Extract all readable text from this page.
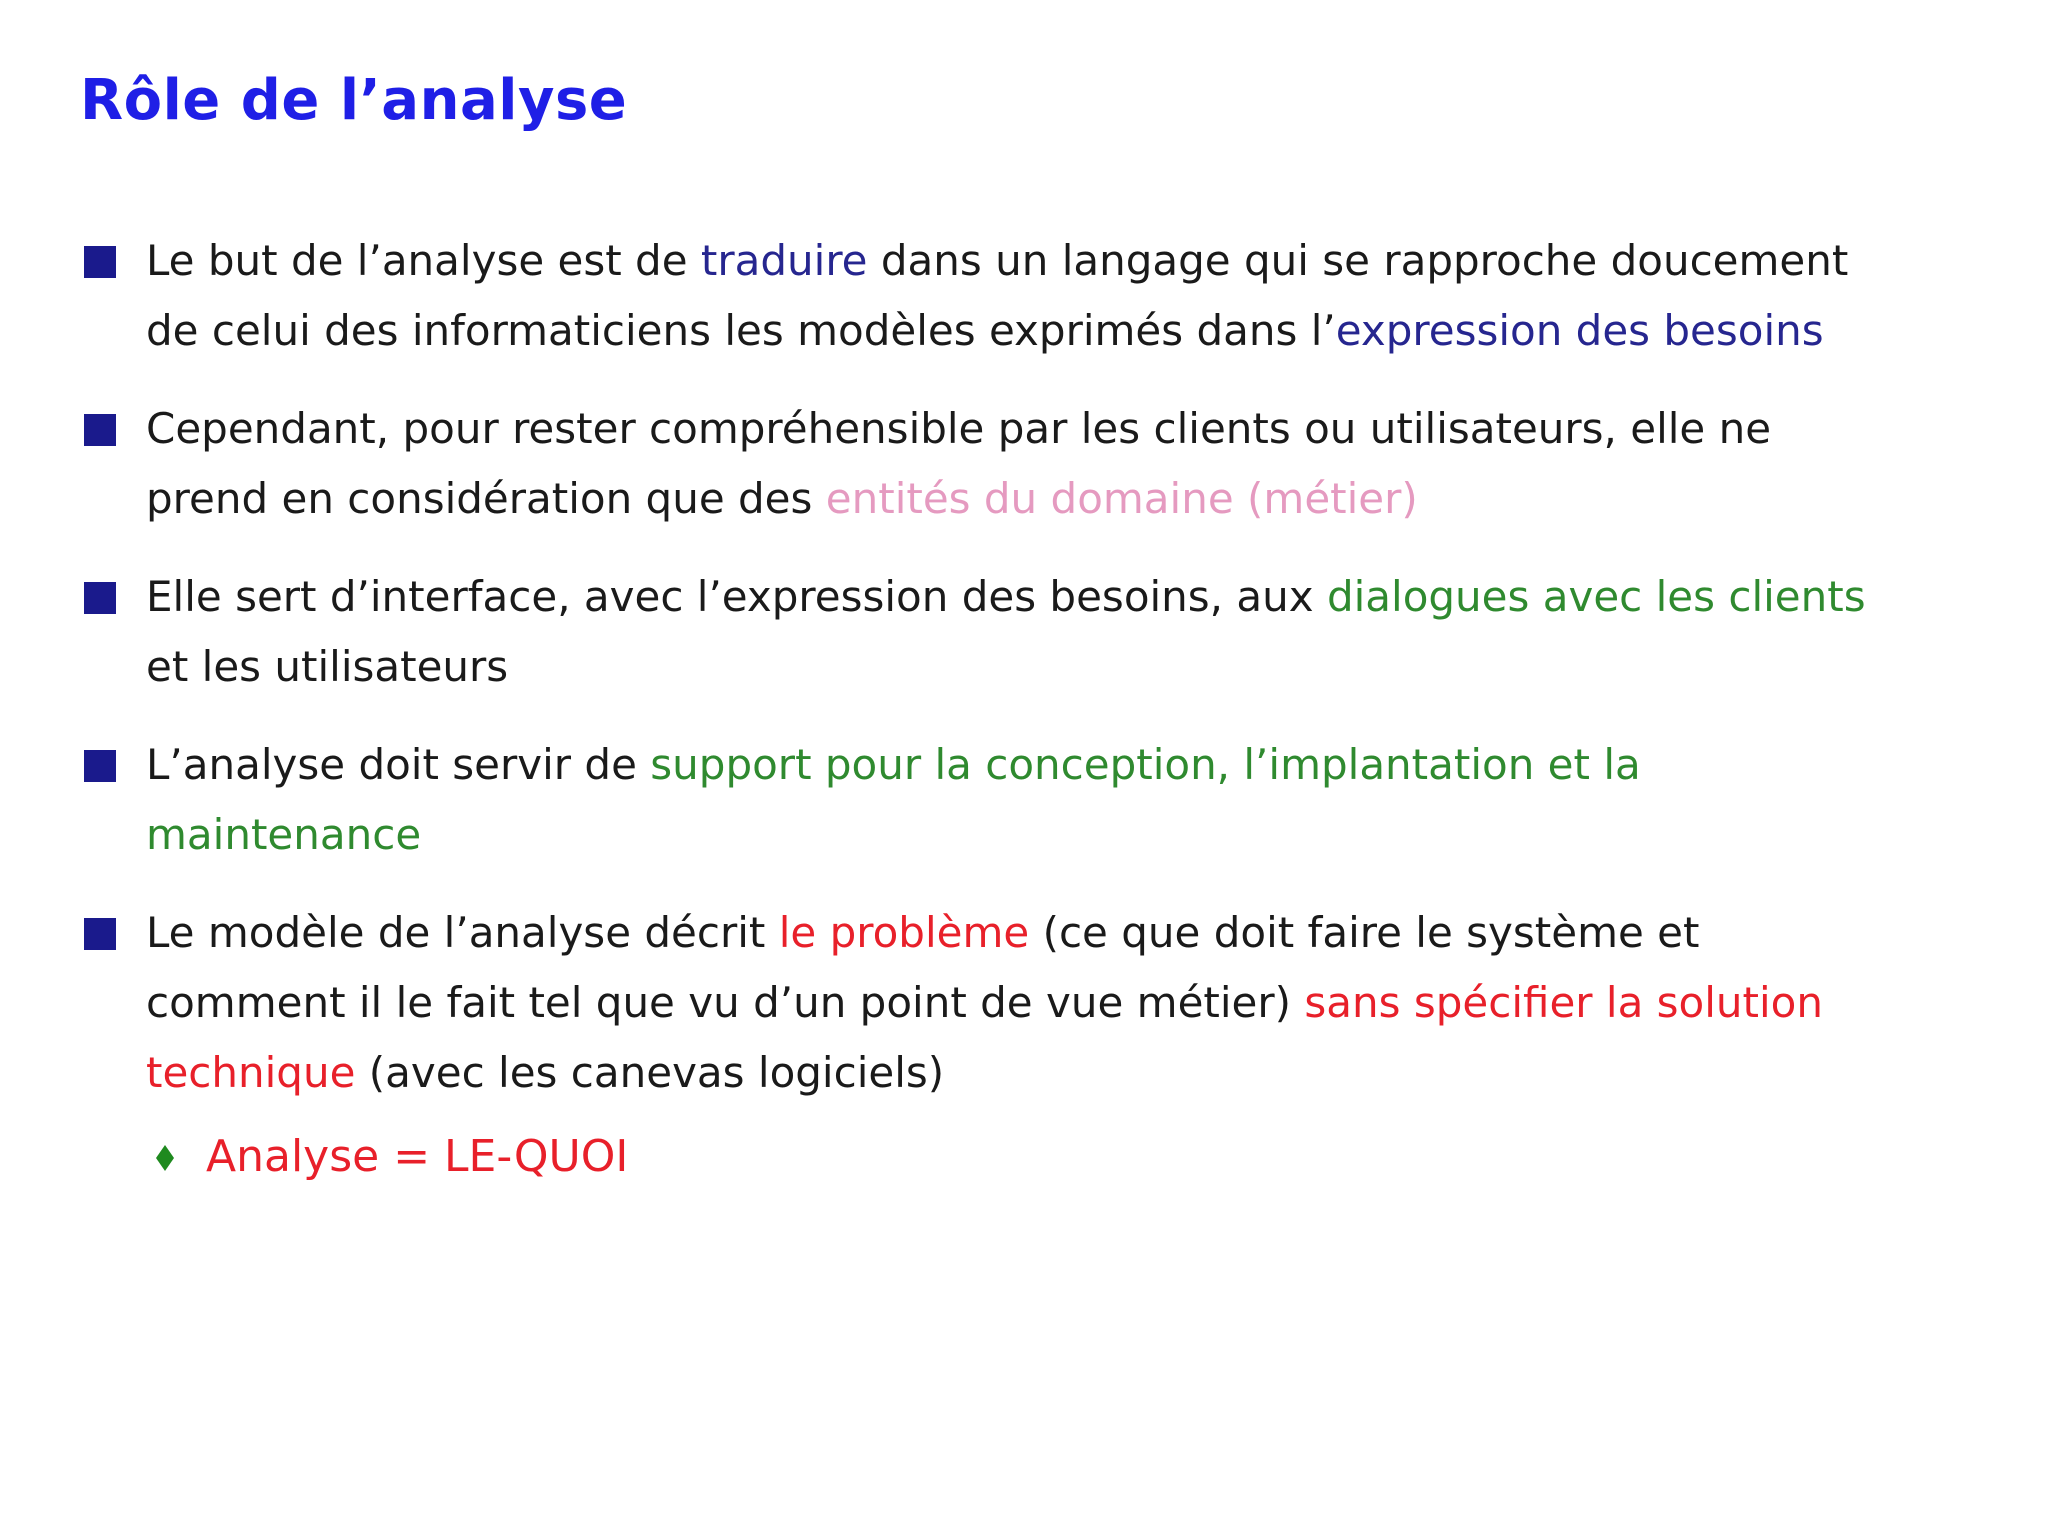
Rôle de l’analyse
Le but de l’analyse est de traduire dans un langage qui se rapproche doucement de celui des informaticiens les modèles exprimés dans l’expression des besoins
Cependant, pour rester compréhensible par les clients ou utilisateurs, elle ne prend en considération que des entités du domaine (métier)
Elle sert d’interface, avec l’expression des besoins, aux dialogues avec les clients et les utilisateurs
L’analyse doit servir de support pour la conception, l’implantation et la maintenance
Le modèle de l’analyse décrit le problème (ce que doit faire le système et comment il le fait tel que vu d’un point de vue métier) sans spécifier la solution technique (avec les canevas logiciels)
Analyse = LE-QUOI
